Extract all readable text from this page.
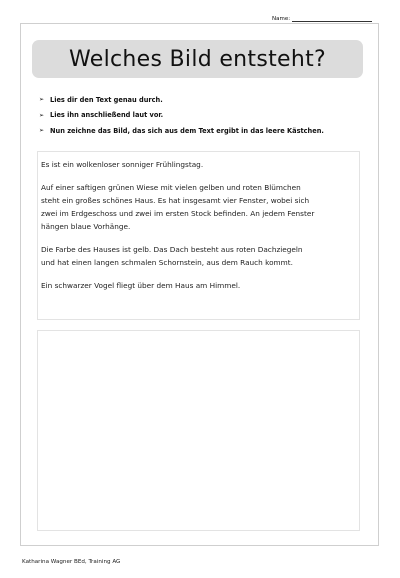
Name:
Welches Bild entsteht?
➢ Lies dir den Text genau durch.
➢ Lies ihn anschließend laut vor.
➢ Nun zeichne das Bild, das sich aus dem Text ergibt in das leere Kästchen.

Es ist ein wolkenloser sonniger Frühlingstag.

Auf einer saftigen grünen Wiese mit vielen gelben und roten Blümchen
steht ein großes schönes Haus. Es hat insgesamt vier Fenster, wobei sich
zwei im Erdgeschoss und zwei im ersten Stock befinden. An jedem Fenster
hängen blaue Vorhänge.

Die Farbe des Hauses ist gelb. Das Dach besteht aus roten Dachziegeln
und hat einen langen schmalen Schornstein, aus dem Rauch kommt.

Ein schwarzer Vogel fliegt über dem Haus am Himmel.

Katharina Wagner BEd, Training AG
